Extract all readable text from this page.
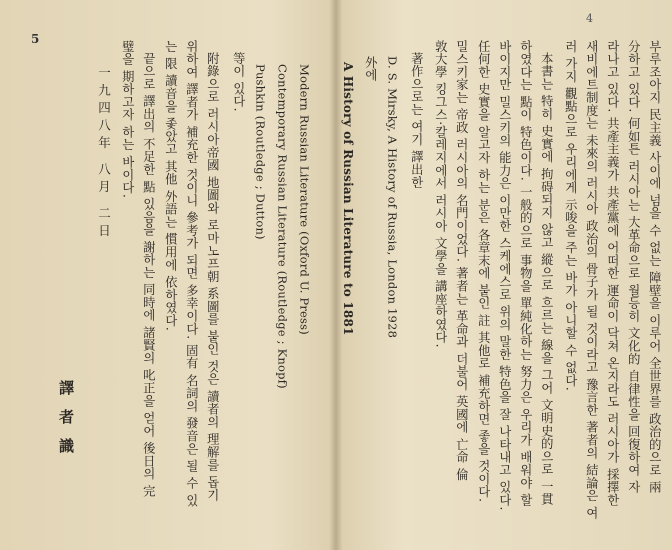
5
4
부루조아지 民主義 사이에 넘을 수 없는 障壁을 이루어 全世界를 政治的으로 兩
分하고 있다. 何如튼 러시아는 大革命으로 월등히 文化的 自律性을 回復하여 자
라나고 있다. 共產主義가 共產黨에 어떠한 運命이 닥쳐 온지라도 러시아가 採擇한
새비에트制度는 未來의 러시아 政治의 骨子가 될 것이라고 豫言한 著者의 結論은 여
러 가지 觀點으로 우리에게 示唆을 주는 바가 아니할 수 없다.
本書는 特히 史實에 拘碍되지 않고 縱으로 흐르는 線을 그어 文明史的으로 一貫
하였다는 點이 特色이다. 一般的으로 事物을 單純化하는 努力은 우리가 배워야 할
바이지만 밀스키의 能力은 이만한 스케에스로 위의 말한 特色을 잘 나타내고 있다.
任何한 史實을 알고자 하는 분은 各章末에 붙인 註 其他로 補充하면 좋을 것이다.
밀스키家는 帝政 러시아의 名門이었다. 著者는 革命과 더불어 英國에 亡命 倫
敦大學 킹그스·칼레지에서 러시아 文學을 講座하였다.
著作으로는 여기 譯出한
D. S. Mirsky, A History of Russia, London 1928
外에
A History of Russian Literature to 1881
Modern Russian Literature (Oxford U. Press)
Contemporary Russian Literature (Routledge ; Knopf)
Pushkin (Routledge ; Dutton)
等이 있다.
附錄으로 러시아帝國 地圖와 로마노프朝 系圖를 붙인 것은 讀者의 理解를 돕기
위하여 譯者가 補充한 것이니 參考가 되면 多幸이다. 固有 名詞의 發音은 될 수 있
는 限 讀音을 좇았고 其他 外語는 慣用에 依하였다.
끝으로 譯出의 不足한 點 있음을 謝하는 同時에 諸賢의 叱正을 얻어 後日의 完
璧을 期하고자 하는 바이다.
一九四八年 八月 二日
譯者識
